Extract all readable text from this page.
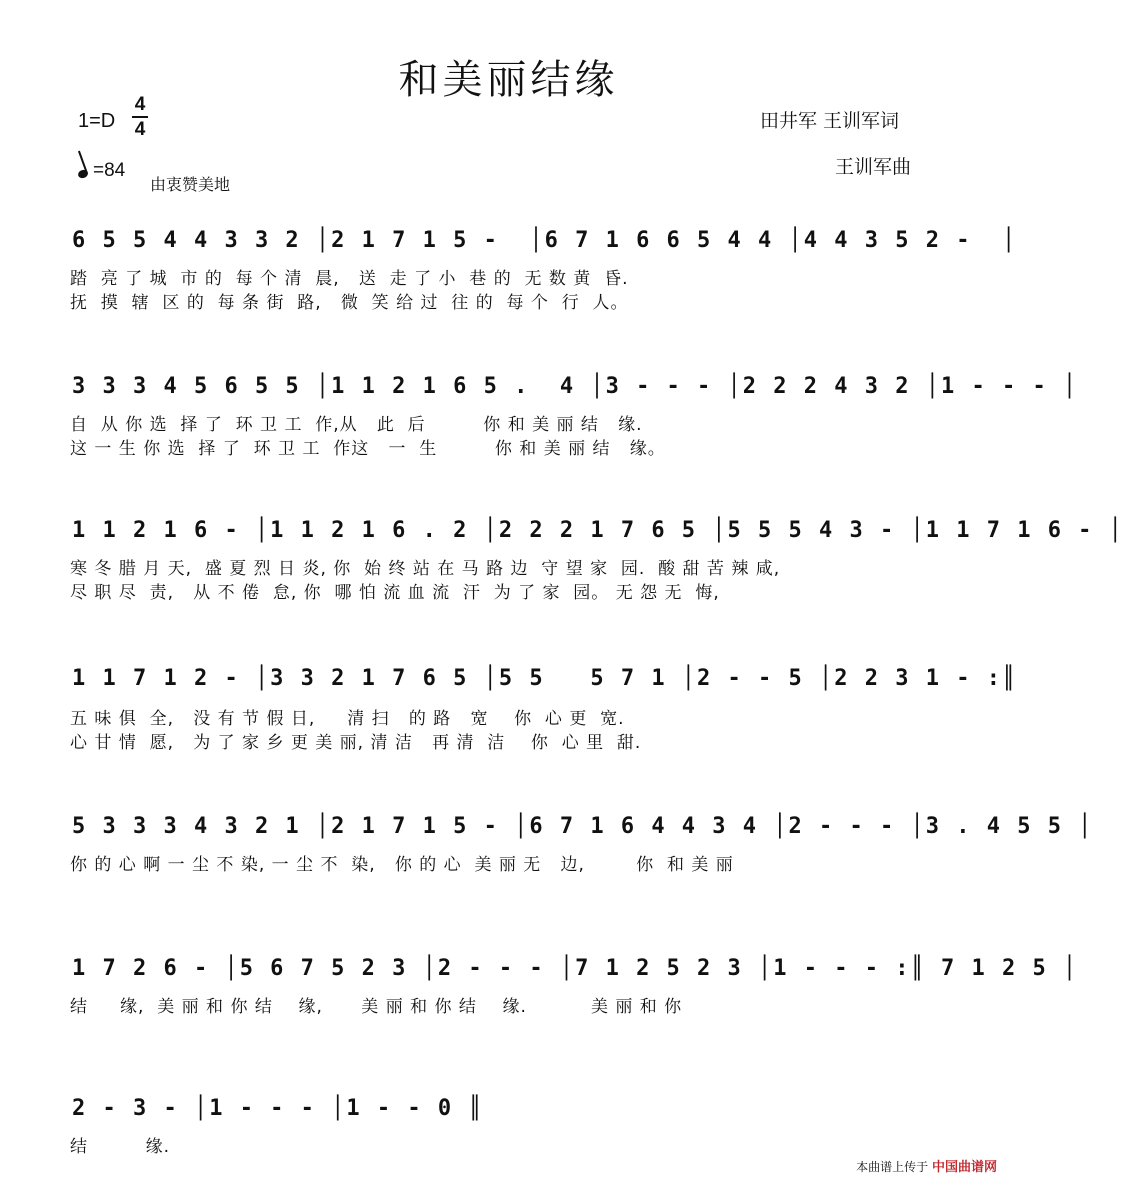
和美丽结缘
1=D
4
4	田井军 王训军词
王训军曲
=84
由衷赞美地
6 5 5 4 4 3 3 2 │2 1 7 1 5 -  │6 7 1 6 6 5 4 4 │4 4 3 5 2 -  │
踏  亮 了 城  市 的  每 个 清  晨,   送  走 了 小  巷 的  无 数 黄  昏.
抚  摸  辖  区 的  每 条 街  路,   微  笑 给 过  往 的  每 个  行  人。
3 3 3 4 5 6 5 5 │1 1 2 1 6 5 .  4 │3 - - - │2 2 2 4 3 2 │1 - - - │
自  从 你 选  择 了  环 卫 工  作,从   此  后         你 和 美 丽 结   缘.
这 一 生 你 选  择 了  环 卫 工  作这   一  生         你 和 美 丽 结   缘。
1 1 2 1 6 - │1 1 2 1 6 . 2 │2 2 2 1 7 6 5 │5 5 5 4 3 - │1 1 7 1 6 - │
寒 冬 腊 月 天,  盛 夏 烈 日 炎, 你  始 终 站 在 马 路 边  守 望 家  园.  酸 甜 苦 辣 咸,
尽 职 尽  责,   从 不 倦  怠, 你  哪 怕 流 血 流  汗  为 了 家  园。 无 怨 无  悔,
1 1 7 1 2 - │3 3 2 1 7 6 5 │5 5   5 7 1 │2 - - 5 │2 2 3 1 - :║
五 味 俱  全,   没 有 节 假 日,     清 扫   的 路   宽    你  心 更  宽.
心 甘 情  愿,   为 了 家 乡 更 美 丽, 清 洁   再 清  洁    你  心 里  甜.
5 3 3 3 4 3 2 1 │2 1 7 1 5 - │6 7 1 6 4 4 3 4 │2 - - - │3 . 4 5 5 │
你 的 心 啊 一 尘 不 染, 一 尘 不  染,   你 的 心  美 丽 无   边,        你  和 美 丽
1 7 2 6 - │5 6 7 5 2 3 │2 - - - │7 1 2 5 2 3 │1 - - - :║ 7 1 2 5 │
结     缘,  美 丽 和 你 结    缘,      美 丽 和 你 结    缘.          美 丽 和 你
2 - 3 - │1 - - - │1 - - 0 ║
结         缘.
本曲谱上传于 中国曲谱网
